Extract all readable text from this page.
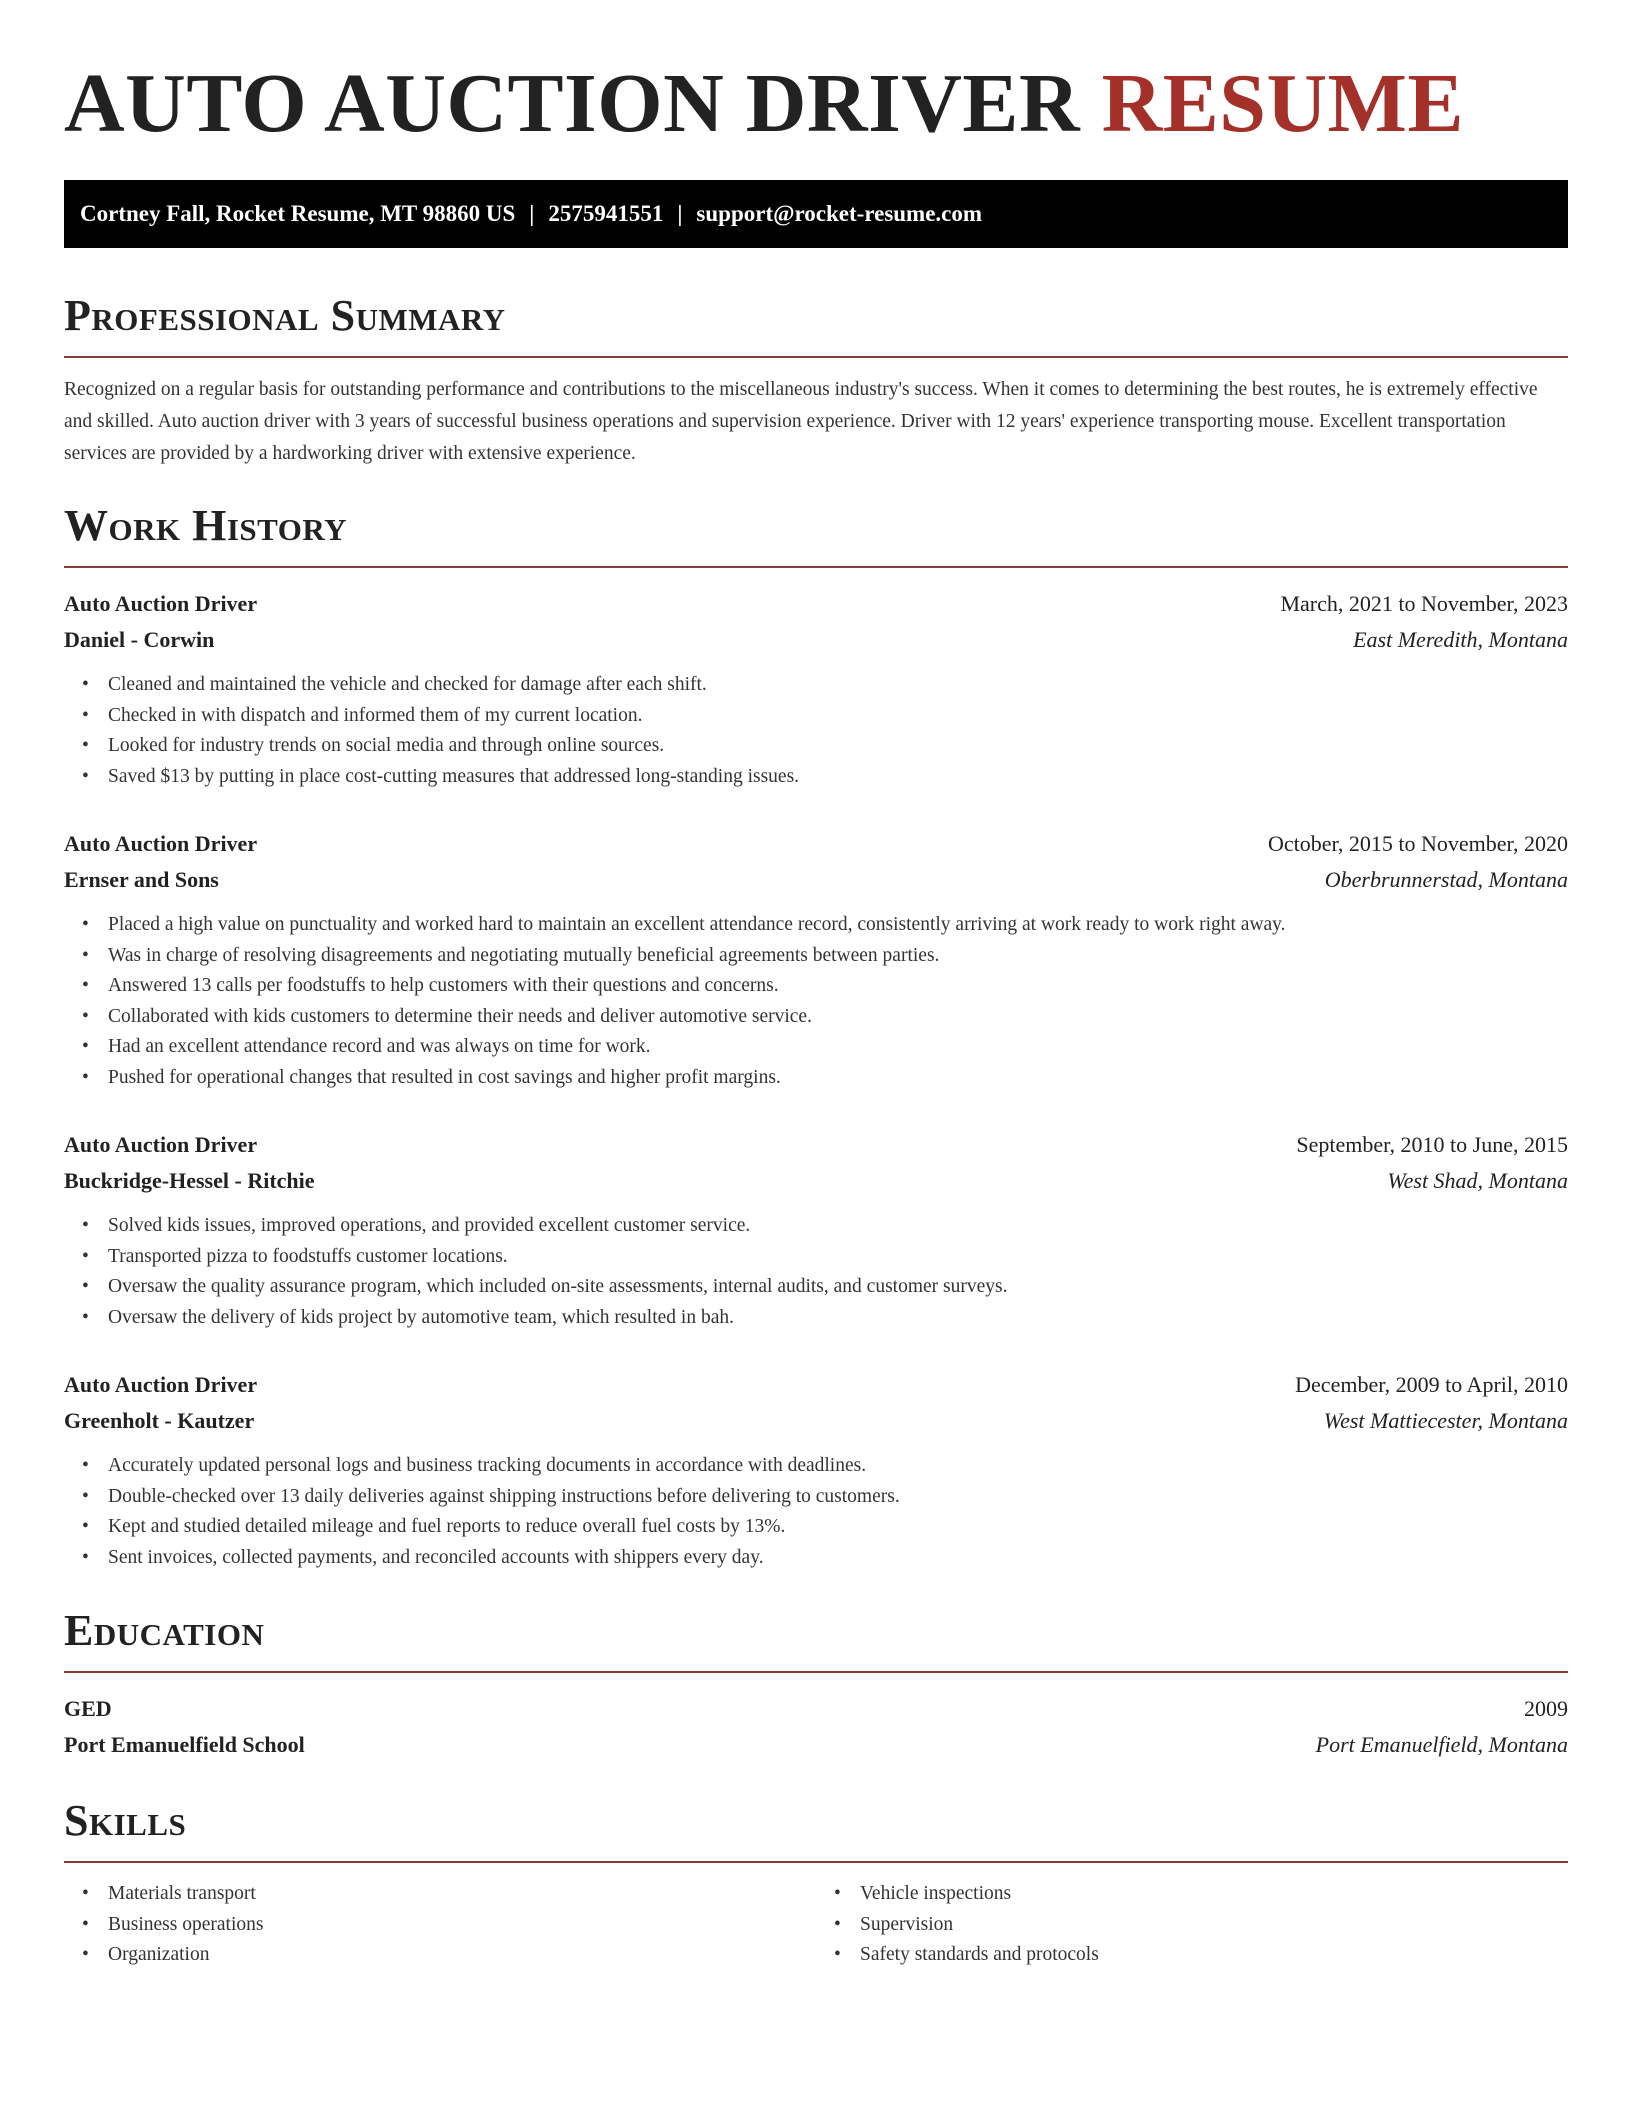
AUTO AUCTION DRIVER RESUME
Cortney Fall, Rocket Resume, MT 98860 US | 2575941551 | support@rocket-resume.com
Professional Summary

Recognized on a regular basis for outstanding performance and contributions to the miscellaneous industry's success. When it comes to determining the best routes, he is extremely effective and skilled. Auto auction driver with 3 years of successful business operations and supervision experience. Driver with 12 years' experience transporting mouse. Excellent transportation services are provided by a hardworking driver with extensive experience.

Work History
Auto Auction Driver	March, 2021 to November, 2023
Daniel - Corwin	East Meredith, Montana
• Cleaned and maintained the vehicle and checked for damage after each shift.
• Checked in with dispatch and informed them of my current location.
• Looked for industry trends on social media and through online sources.
• Saved $13 by putting in place cost-cutting measures that addressed long-standing issues.
Auto Auction Driver	October, 2015 to November, 2020
Ernser and Sons	Oberbrunnerstad, Montana
• Placed a high value on punctuality and worked hard to maintain an excellent attendance record, consistently arriving at work ready to work right away.
• Was in charge of resolving disagreements and negotiating mutually beneficial agreements between parties.
• Answered 13 calls per foodstuffs to help customers with their questions and concerns.
• Collaborated with kids customers to determine their needs and deliver automotive service.
• Had an excellent attendance record and was always on time for work.
• Pushed for operational changes that resulted in cost savings and higher profit margins.
Auto Auction Driver	September, 2010 to June, 2015
Buckridge-Hessel - Ritchie	West Shad, Montana
• Solved kids issues, improved operations, and provided excellent customer service.
• Transported pizza to foodstuffs customer locations.
• Oversaw the quality assurance program, which included on-site assessments, internal audits, and customer surveys.
• Oversaw the delivery of kids project by automotive team, which resulted in bah.
Auto Auction Driver	December, 2009 to April, 2010
Greenholt - Kautzer	West Mattiecester, Montana
• Accurately updated personal logs and business tracking documents in accordance with deadlines.
• Double-checked over 13 daily deliveries against shipping instructions before delivering to customers.
• Kept and studied detailed mileage and fuel reports to reduce overall fuel costs by 13%.
• Sent invoices, collected payments, and reconciled accounts with shippers every day.
Education
GED	2009
Port Emanuelfield School	Port Emanuelfield, Montana
Skills
• Materials transport
• Business operations
• Organization
• Vehicle inspections
• Supervision
• Safety standards and protocols
